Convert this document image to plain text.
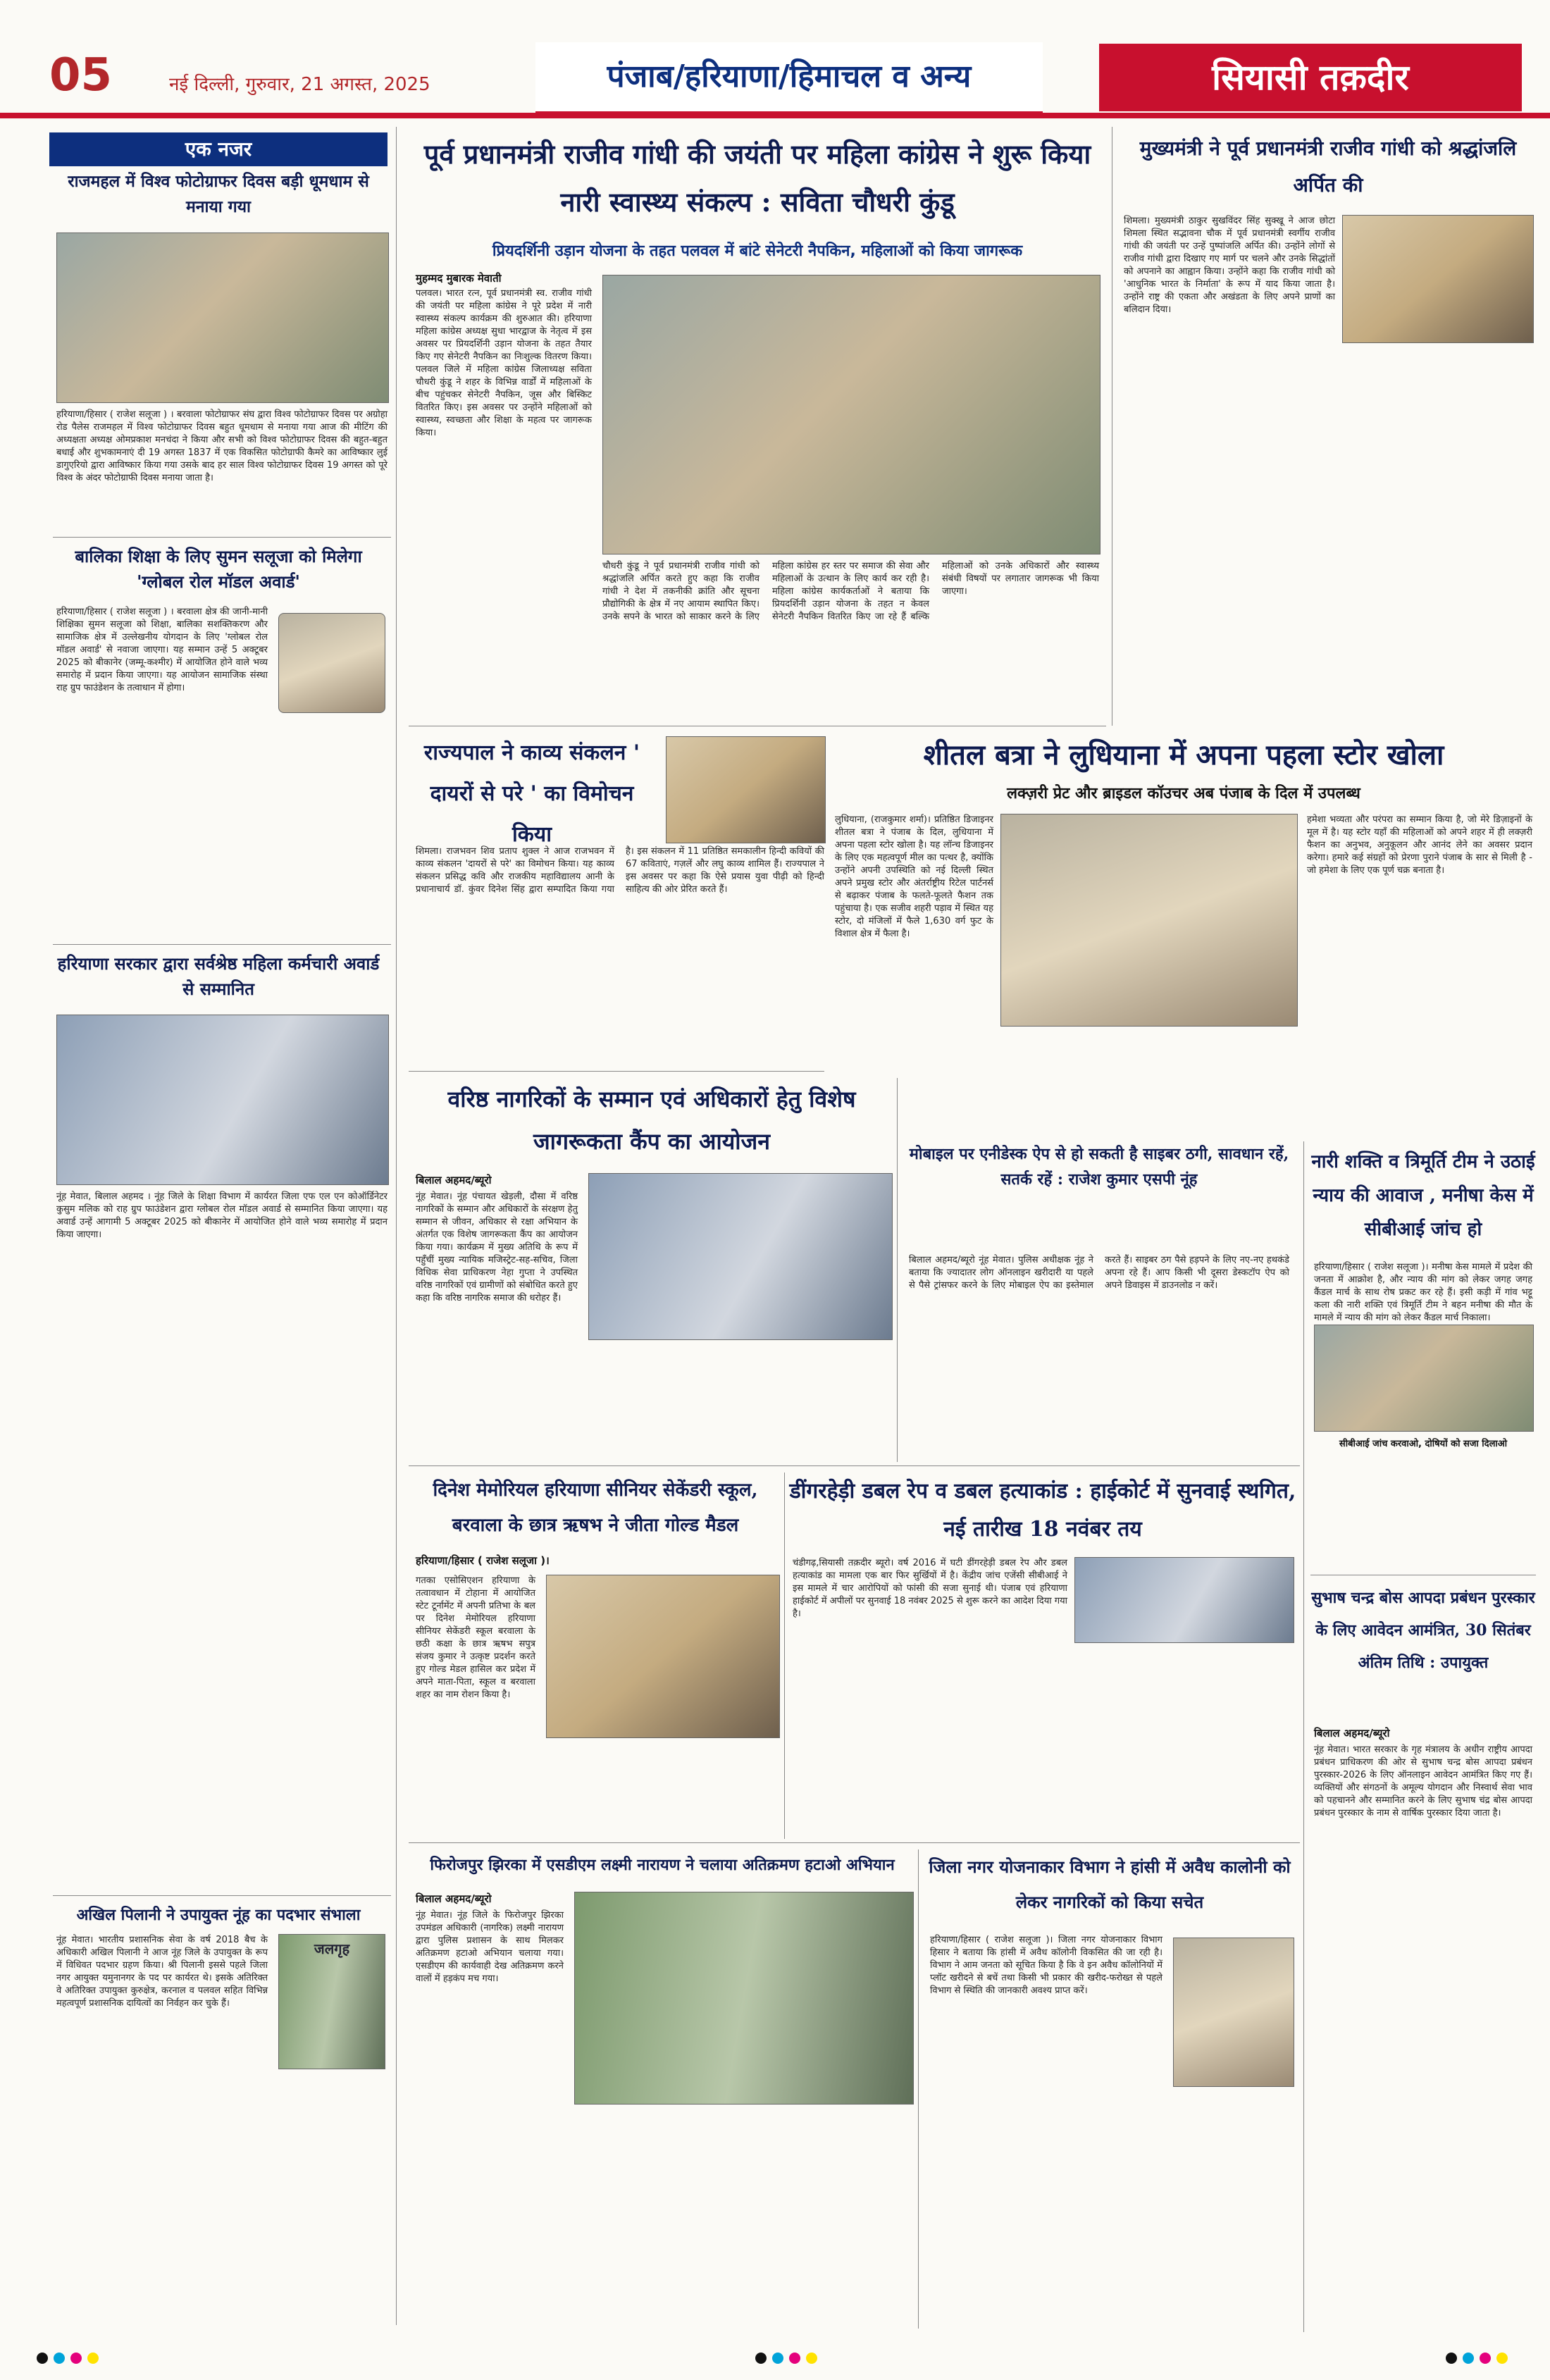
05	नई दिल्ली, गुरुवार, 21 अगस्त, 2025	पंजाब/हरियाणा/हिमाचल व अन्य	सियासी तक़दीर
एक नजर
राजमहल में विश्व फोटोग्राफर दिवस बड़ी धूमधाम से मनाया गया
हरियाणा/हिसार ( राजेश सलूजा ) । बरवाला फोटोग्राफर संघ द्वारा विश्व फोटोग्राफर दिवस पर अग्रोहा रोड पैलेस राजमहल में विश्व फोटोग्राफर दिवस बहुत धूमधाम से मनाया गया आज की मीटिंग की अध्यक्षता अध्यक्ष ओमप्रकाश मनचंदा ने किया और सभी को विश्व फोटोग्राफर दिवस की बहुत-बहुत बधाई और शुभकामनाएं दी 19 अगस्त 1837 में एक विकसित फोटोग्राफी कैमरे का आविष्कार लुई डागुएरियो द्वारा आविष्कार किया गया उसके बाद हर साल विश्व फोटोग्राफर दिवस 19 अगस्त को पूरे विश्व के अंदर फोटोग्राफी दिवस मनाया जाता है।
बालिका शिक्षा के लिए सुमन सलूजा को मिलेगा 'ग्लोबल रोल मॉडल अवार्ड'
हरियाणा/हिसार ( राजेश सलूजा ) । बरवाला क्षेत्र की जानी-मानी शिक्षिका सुमन सलूजा को शिक्षा, बालिका सशक्तिकरण और सामाजिक क्षेत्र में उल्लेखनीय योगदान के लिए 'ग्लोबल रोल मॉडल अवार्ड' से नवाजा जाएगा। यह सम्मान उन्हें 5 अक्टूबर 2025 को बीकानेर (जम्मू-कश्मीर) में आयोजित होने वाले भव्य समारोह में प्रदान किया जाएगा। यह आयोजन सामाजिक संस्था राह ग्रुप फाउंडेशन के तत्वाधान में होगा।
हरियाणा सरकार द्वारा सर्वश्रेष्ठ महिला कर्मचारी अवार्ड से सम्मानित
नूंह मेवात, बिलाल अहमद । नूंह जिले के शिक्षा विभाग में कार्यरत जिला एफ एल एन कोऑर्डिनेटर कुसुम मलिक को राह ग्रुप फाउंडेशन द्वारा ग्लोबल रोल मॉडल अवार्ड से सम्मानित किया जाएगा। यह अवार्ड उन्हें आगामी 5 अक्टूबर 2025 को बीकानेर में आयोजित होने वाले भव्य समारोह में प्रदान किया जाएगा।
अखिल पिलानी ने उपायुक्त नूंह का पदभार संभाला
नूंह मेवात। भारतीय प्रशासनिक सेवा के वर्ष 2018 बैच के अधिकारी अखिल पिलानी ने आज नूंह जिले के उपायुक्त के रूप में विधिवत पदभार ग्रहण किया। श्री पिलानी इससे पहले जिला नगर आयुक्त यमुनानगर के पद पर कार्यरत थे। इसके अतिरिक्त वे अतिरिक्त उपायुक्त कुरुक्षेत्र, करनाल व पलवल सहित विभिन्न महत्वपूर्ण प्रशासनिक दायित्वों का निर्वहन कर चुके हैं।
जलगृह
पूर्व प्रधानमंत्री राजीव गांधी की जयंती पर महिला कांग्रेस ने शुरू किया नारी स्वास्थ्य संकल्प : सविता चौधरी कुंडू
प्रियदर्शिनी उड़ान योजना के तहत पलवल में बांटे सेनेटरी नैपकिन, महिलाओं को किया जागरूक
मुहम्मद मुबारक मेवाती
पलवल। भारत रत्न, पूर्व प्रधानमंत्री स्व. राजीव गांधी की जयंती पर महिला कांग्रेस ने पूरे प्रदेश में नारी स्वास्थ्य संकल्प कार्यक्रम की शुरुआत की। हरियाणा महिला कांग्रेस अध्यक्ष सुधा भारद्वाज के नेतृत्व में इस अवसर पर प्रियदर्शिनी उड़ान योजना के तहत तैयार किए गए सेनेटरी नैपकिन का निःशुल्क वितरण किया। पलवल जिले में महिला कांग्रेस जिलाध्यक्ष सविता चौधरी कुंडू ने शहर के विभिन्न वार्डों में महिलाओं के बीच पहुंचकर सेनेटरी नैपकिन, जूस और बिस्किट वितरित किए। इस अवसर पर उन्होंने महिलाओं को स्वास्थ्य, स्वच्छता और शिक्षा के महत्व पर जागरूक किया।
चौधरी कुंडू ने पूर्व प्रधानमंत्री राजीव गांधी को श्रद्धांजलि अर्पित करते हुए कहा कि राजीव गांधी ने देश में तकनीकी क्रांति और सूचना प्रौद्योगिकी के क्षेत्र में नए आयाम स्थापित किए। उनके सपने के भारत को साकार करने के लिए महिला कांग्रेस हर स्तर पर समाज की सेवा और महिलाओं के उत्थान के लिए कार्य कर रही है। महिला कांग्रेस कार्यकर्ताओं ने बताया कि प्रियदर्शिनी उड़ान योजना के तहत न केवल सेनेटरी नैपकिन वितरित किए जा रहे हैं बल्कि महिलाओं को उनके अधिकारों और स्वास्थ्य संबंधी विषयों पर लगातार जागरूक भी किया जाएगा।
राज्यपाल ने काव्य संकलन ' दायरों से परे ' का विमोचन किया
शिमला। राजभवन शिव प्रताप शुक्ल ने आज राजभवन में काव्य संकलन 'दायरों से परे' का विमोचन किया। यह काव्य संकलन प्रसिद्ध कवि और राजकीय महाविद्यालय आनी के प्रधानाचार्य डॉ. कुंवर दिनेश सिंह द्वारा सम्पादित किया गया है। इस संकलन में 11 प्रतिष्ठित समकालीन हिन्दी कवियों की 67 कविताएं, गज़लें और लघु काव्य शामिल हैं। राज्यपाल ने इस अवसर पर कहा कि ऐसे प्रयास युवा पीढ़ी को हिन्दी साहित्य की ओर प्रेरित करते हैं।
शीतल बत्रा ने लुधियाना में अपना पहला स्टोर खोला
लक्ज़री प्रेट और ब्राइडल कॉउचर अब पंजाब के दिल में उपलब्ध
लुधियाना, (राजकुमार शर्मा)। प्रतिष्ठित डिजाइनर शीतल बत्रा ने पंजाब के दिल, लुधियाना में अपना पहला स्टोर खोला है। यह लॉन्च डिजाइनर के लिए एक महत्वपूर्ण मील का पत्थर है, क्योंकि उन्होंने अपनी उपस्थिति को नई दिल्ली स्थित अपने प्रमुख स्टोर और अंतर्राष्ट्रीय रिटेल पार्टनर्स से बढ़ाकर पंजाब के फलते-फूलते फैशन तक पहुंचाया है। एक सजीव शहरी पड़ाव में स्थित यह स्टोर, दो मंजिलों में फैले 1,630 वर्ग फुट के विशाल क्षेत्र में फैला है।
हमेशा भव्यता और परंपरा का सम्मान किया है, जो मेरे डिज़ाइनों के मूल में है। यह स्टोर यहाँ की महिलाओं को अपने शहर में ही लक्ज़री फैशन का अनुभव, अनुकूलन और आनंद लेने का अवसर प्रदान करेगा। हमारे कई संग्रहों को प्रेरणा पुराने पंजाब के सार से मिली है - जो हमेशा के लिए एक पूर्ण चक्र बनाता है।
वरिष्ठ नागरिकों के सम्मान एवं अधिकारों हेतु विशेष जागरूकता कैंप का आयोजन
बिलाल अहमद/ब्यूरो
नूंह मेवात। नूंह पंचायत खेड़ली, दौसा में वरिष्ठ नागरिकों के सम्मान और अधिकारों के संरक्षण हेतु सम्मान से जीवन, अधिकार से रक्षा अभियान के अंतर्गत एक विशेष जागरूकता कैंप का आयोजन किया गया। कार्यक्रम में मुख्य अतिथि के रूप में पहुँचीं मुख्य न्यायिक मजिस्ट्रेट-सह-सचिव, जिला विधिक सेवा प्राधिकरण नेहा गुप्ता ने उपस्थित वरिष्ठ नागरिकों एवं ग्रामीणों को संबोधित करते हुए कहा कि वरिष्ठ नागरिक समाज की धरोहर हैं।
मोबाइल पर एनीडेस्क ऐप से हो सकती है साइबर ठगी, सावधान रहें, सतर्क रहें : राजेश कुमार एसपी नूंह
बिलाल अहमद/ब्यूरो नूंह मेवात। पुलिस अधीक्षक नूंह ने बताया कि ज्यादातर लोग ऑनलाइन खरीदारी या पहले से पैसे ट्रांसफर करने के लिए मोबाइल ऐप का इस्तेमाल करते हैं। साइबर ठग पैसे हड़पने के लिए नए-नए हथकंडे अपना रहे हैं। आप किसी भी दूसरा डेस्कटॉप ऐप को अपने डिवाइस में डाउनलोड न करें।
दिनेश मेमोरियल हरियाणा सीनियर सेकेंडरी स्कूल, बरवाला के छात्र ऋषभ ने जीता गोल्ड मैडल
हरियाणा/हिसार ( राजेश सलूजा )।
गतका एसोसिएशन हरियाणा के तत्वावधान में टोहाना में आयोजित स्टेट टूर्नामेंट में अपनी प्रतिभा के बल पर दिनेश मेमोरियल हरियाणा सीनियर सेकेंडरी स्कूल बरवाला के छठी कक्षा के छात्र ऋषभ सपुत्र संजय कुमार ने उत्कृष्ट प्रदर्शन करते हुए गोल्ड मेडल हासिल कर प्रदेश में अपने माता-पिता, स्कूल व बरवाला शहर का नाम रोशन किया है।
डींगरहेड़ी डबल रेप व डबल हत्याकांड : हाईकोर्ट में सुनवाई स्थगित, नई तारीख 18 नवंबर तय
चंडीगढ़,सियासी तक़दीर ब्यूरो। वर्ष 2016 में घटी डींगरहेड़ी डबल रेप और डबल हत्याकांड का मामला एक बार फिर सुर्खियों में है। केंद्रीय जांच एजेंसी सीबीआई ने इस मामले में चार आरोपियों को फांसी की सजा सुनाई थी। पंजाब एवं हरियाणा हाईकोर्ट में अपीलों पर सुनवाई 18 नवंबर 2025 से शुरू करने का आदेश दिया गया है।
फिरोजपुर झिरका में एसडीएम लक्ष्मी नारायण ने चलाया अतिक्रमण हटाओ अभियान
बिलाल अहमद/ब्यूरो
नूंह मेवात। नूंह जिले के फिरोजपुर झिरका उपमंडल अधिकारी (नागरिक) लक्ष्मी नारायण द्वारा पुलिस प्रशासन के साथ मिलकर अतिक्रमण हटाओ अभियान चलाया गया। एसडीएम की कार्यवाही देख अतिक्रमण करने वालों में हड़कंप मच गया।
जिला नगर योजनाकार विभाग ने हांसी में अवैध कालोनी को लेकर नागरिकों को किया सचेत
हरियाणा/हिसार ( राजेश सलूजा )। जिला नगर योजनाकार विभाग हिसार ने बताया कि हांसी में अवैध कॉलोनी विकसित की जा रही है। विभाग ने आम जनता को सूचित किया है कि वे इन अवैध कॉलोनियों में प्लॉट खरीदने से बचें तथा किसी भी प्रकार की खरीद-फरोख्त से पहले विभाग से स्थिति की जानकारी अवश्य प्राप्त करें।
मुख्यमंत्री ने पूर्व प्रधानमंत्री राजीव गांधी को श्रद्धांजलि अर्पित की
शिमला। मुख्यमंत्री ठाकुर सुखविंदर सिंह सुक्खू ने आज छोटा शिमला स्थित सद्भावना चौक में पूर्व प्रधानमंत्री स्वर्गीय राजीव गांधी की जयंती पर उन्हें पुष्पांजलि अर्पित की। उन्होंने लोगों से राजीव गांधी द्वारा दिखाए गए मार्ग पर चलने और उनके सिद्धांतों को अपनाने का आह्वान किया। उन्होंने कहा कि राजीव गांधी को 'आधुनिक भारत के निर्माता' के रूप में याद किया जाता है। उन्होंने राष्ट्र की एकता और अखंडता के लिए अपने प्राणों का बलिदान दिया।
नारी शक्ति व त्रिमूर्ति टीम ने उठाई न्याय की आवाज , मनीषा केस में सीबीआई जांच हो
हरियाणा/हिसार ( राजेश सलूजा )। मनीषा केस मामले में प्रदेश की जनता में आक्रोश है, और न्याय की मांग को लेकर जगह जगह कैंडल मार्च के साथ रोष प्रकट कर रहे हैं। इसी कड़ी में गांव भट्टू कला की नारी शक्ति एवं त्रिमूर्ति टीम ने बहन मनीषा की मौत के मामले में न्याय की मांग को लेकर कैंडल मार्च निकाला।
सीबीआई जांच करवाओ, दोषियों को सजा दिलाओ
सुभाष चन्द्र बोस आपदा प्रबंधन पुरस्कार के लिए आवेदन आमंत्रित, 30 सितंबर अंतिम तिथि : उपायुक्त
बिलाल अहमद/ब्यूरो
नूंह मेवात। भारत सरकार के गृह मंत्रालय के अधीन राष्ट्रीय आपदा प्रबंधन प्राधिकरण की ओर से सुभाष चन्द्र बोस आपदा प्रबंधन पुरस्कार-2026 के लिए ऑनलाइन आवेदन आमंत्रित किए गए हैं। व्यक्तियों और संगठनों के अमूल्य योगदान और निस्वार्थ सेवा भाव को पहचानने और सम्मानित करने के लिए सुभाष चंद्र बोस आपदा प्रबंधन पुरस्कार के नाम से वार्षिक पुरस्कार दिया जाता है।
